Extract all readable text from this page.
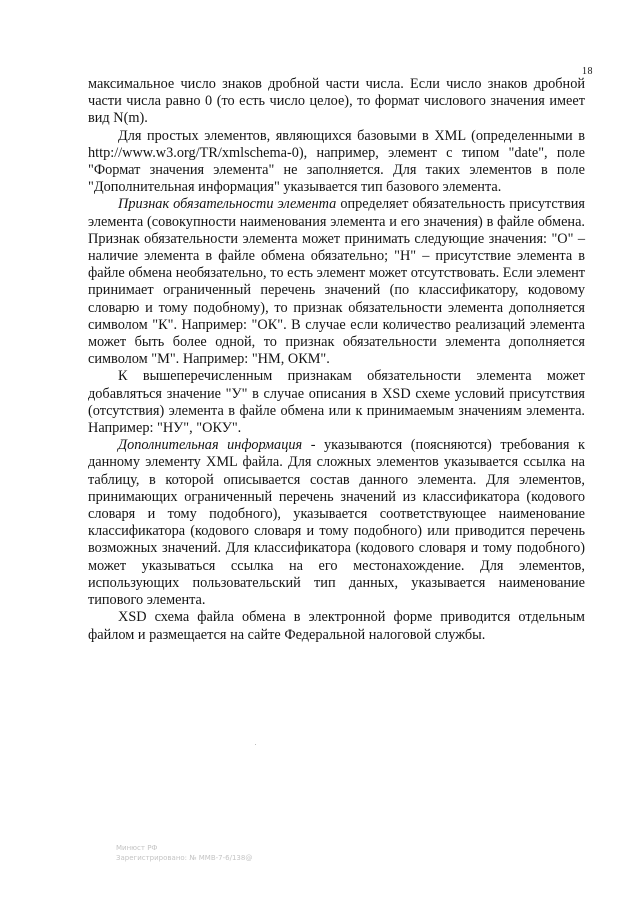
18

максимальное число знаков дробной части числа. Если число знаков дробной части числа равно 0 (то есть число целое), то формат числового значения имеет вид N(m).

Для простых элементов, являющихся базовыми в XML (определенными в http://www.w3.org/TR/xmlschema-0), например, элемент с типом "date", поле "Формат значения элемента" не заполняется. Для таких элементов в поле "Дополнительная информация" указывается тип базового элемента.

Признак обязательности элемента определяет обязательность присутствия элемента (совокупности наименования элемента и его значения) в файле обмена. Признак обязательности элемента может принимать следующие значения: "О" – наличие элемента в файле обмена обязательно; "Н" – присутствие элемента в файле обмена необязательно, то есть элемент может отсутствовать. Если элемент принимает ограниченный перечень значений (по классификатору, кодовому словарю и тому подобному), то признак обязательности элемента дополняется символом "К". Например: "ОК". В случае если количество реализаций элемента может быть более одной, то признак обязательности элемента дополняется символом "М". Например: "НМ, ОКМ".

К вышеперечисленным признакам обязательности элемента может добавляться значение "У" в случае описания в XSD схеме условий присутствия (отсутствия) элемента в файле обмена или к принимаемым значениям элемента. Например: "НУ", "ОКУ".

Дополнительная информация - указываются (поясняются) требования к данному элементу XML файла. Для сложных элементов указывается ссылка на таблицу, в которой описывается состав данного элемента. Для элементов, принимающих ограниченный перечень значений из классификатора (кодового словаря и тому подобного), указывается соответствующее наименование классификатора (кодового словаря и тому подобного) или приводится перечень возможных значений. Для классификатора (кодового словаря и тому подобного) может указываться ссылка на его местонахождение. Для элементов, использующих пользовательский тип данных, указывается наименование типового элемента.

XSD схема файла обмена в электронной форме приводится отдельным файлом и размещается на сайте Федеральной налоговой службы.

Минюст РФ
Зарегистрировано: № ММВ-7-6/138@
